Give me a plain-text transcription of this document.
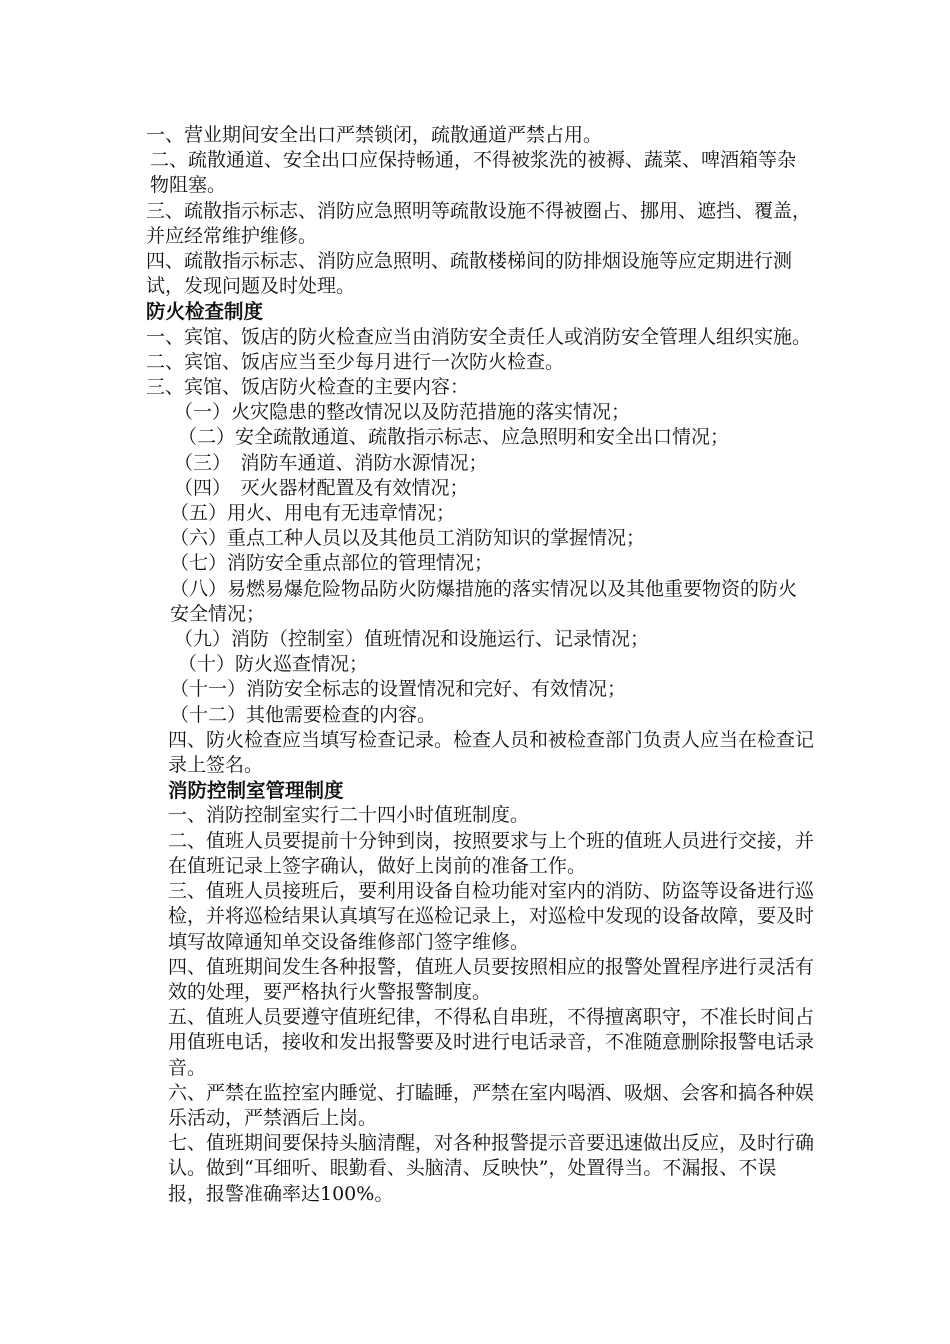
一、营业期间安全出口严禁锁闭，疏散通道严禁占用。

二、疏散通道、安全出口应保持畅通，不得被浆洗的被褥、蔬菜、啤酒箱等杂物阻塞。

三、疏散指示标志、消防应急照明等疏散设施不得被圈占、挪用、遮挡、覆盖，并应经常维护维修。

四、疏散指示标志、消防应急照明、疏散楼梯间的防排烟设施等应定期进行测试，发现问题及时处理。

防火检查制度

一、宾馆、饭店的防火检查应当由消防安全责任人或消防安全管理人组织实施。

二、宾馆、饭店应当至少每月进行一次防火检查。

三、宾馆、饭店防火检查的主要内容：

（一）火灾隐患的整改情况以及防范措施的落实情况；

（二）安全疏散通道、疏散指示标志、应急照明和安全出口情况；

（三）　消防车通道、消防水源情况；

（四）　灭火器材配置及有效情况；

（五）用火、用电有无违章情况；

（六）重点工种人员以及其他员工消防知识的掌握情况；

（七）消防安全重点部位的管理情况；

（八）易燃易爆危险物品防火防爆措施的落实情况以及其他重要物资的防火安全情况；

（九）消防（控制室）值班情况和设施运行、记录情况；

（十）防火巡查情况；

（十一）消防安全标志的设置情况和完好、有效情况；

（十二）其他需要检查的内容。

四、防火检查应当填写检查记录。检查人员和被检查部门负责人应当在检查记录上签名。

消防控制室管理制度

一、消防控制室实行二十四小时值班制度。

二、值班人员要提前十分钟到岗，按照要求与上个班的值班人员进行交接，并在值班记录上签字确认，做好上岗前的准备工作。

三、值班人员接班后，要利用设备自检功能对室内的消防、防盗等设备进行巡检，并将巡检结果认真填写在巡检记录上，对巡检中发现的设备故障，要及时填写故障通知单交设备维修部门签字维修。

四、值班期间发生各种报警，值班人员要按照相应的报警处置程序进行灵活有效的处理，要严格执行火警报警制度。

五、值班人员要遵守值班纪律，不得私自串班，不得擅离职守，不准长时间占用值班电话，接收和发出报警要及时进行电话录音，不准随意删除报警电话录音。

六、严禁在监控室内睡觉、打瞌睡，严禁在室内喝酒、吸烟、会客和搞各种娱乐活动，严禁酒后上岗。

七、值班期间要保持头脑清醒，对各种报警提示音要迅速做出反应，及时行确认。做到“耳细听、眼勤看、头脑清、反映快”，处置得当。不漏报、不误报，报警准确率达100%。
